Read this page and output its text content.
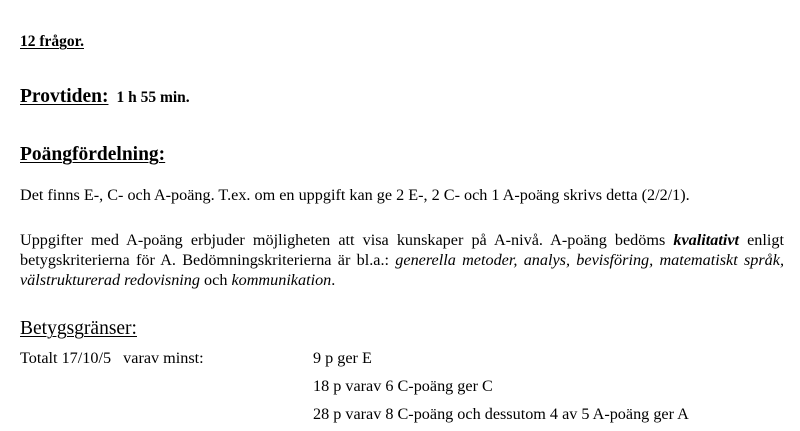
12 frågor.
Provtiden: 1 h 55 min.
Poängfördelning:
Det finns E-, C- och A-poäng. T.ex. om en uppgift kan ge 2 E-, 2 C- och 1 A-poäng skrivs detta (2/2/1).
Uppgifter med A-poäng erbjuder möjligheten att visa kunskaper på A-nivå. A-poäng bedöms kvalitativt enligt betygskriterierna för A. Bedömningskriterierna är bl.a.: generella metoder, analys, bevisföring, matematiskt språk, välstrukturerad redovisning och kommunikation.
Betygsgränser:
Totalt 17/10/5   varav minst:	9 p ger E
18 p varav 6 C-poäng ger C
28 p varav 8 C-poäng och dessutom 4 av 5 A-poäng ger A
